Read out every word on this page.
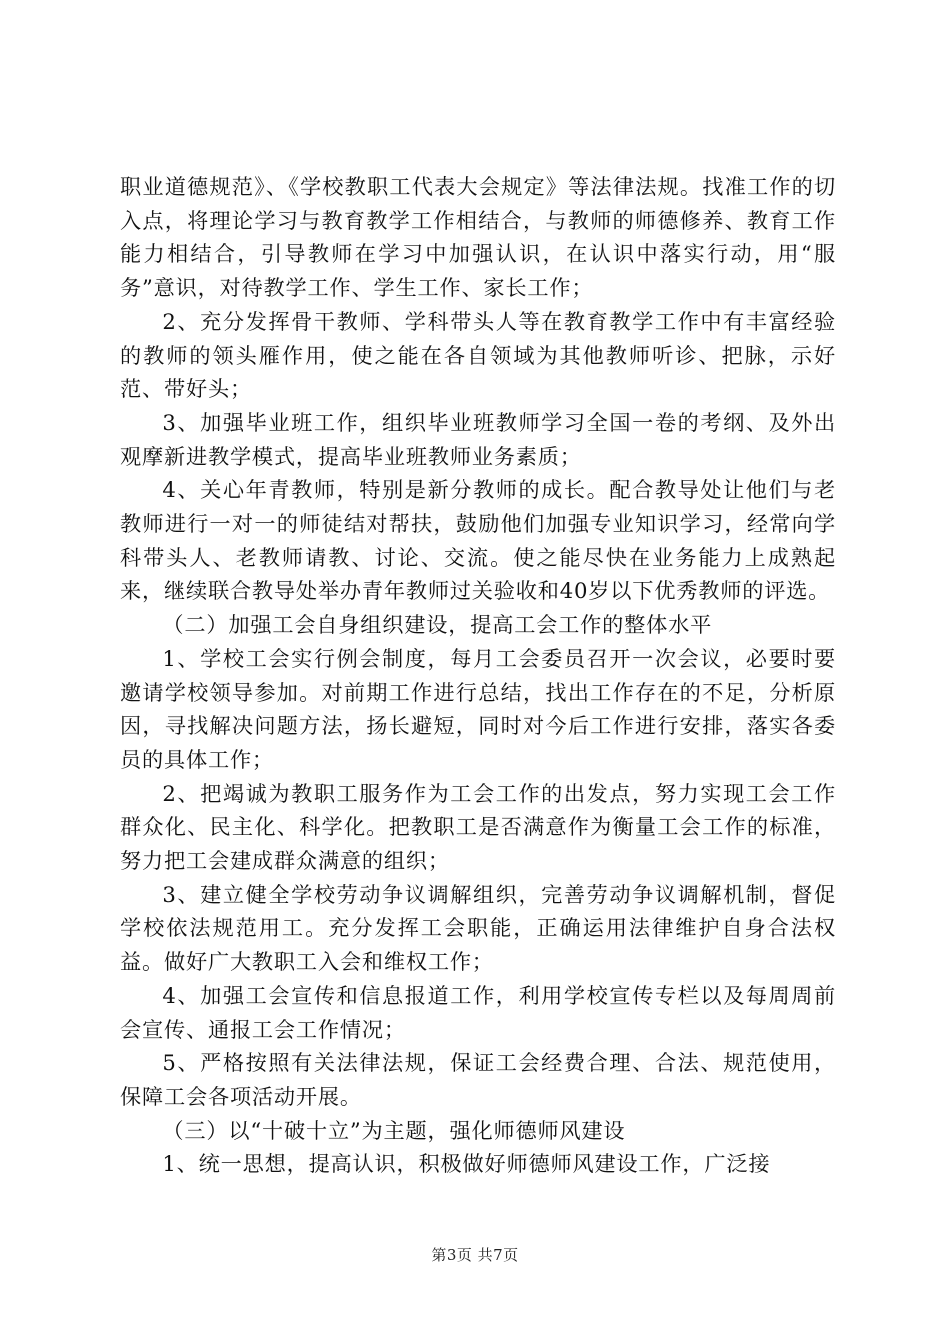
职业道德规范》、《学校教职工代表大会规定》等法律法规。找准工作的切入点，将理论学习与教育教学工作相结合，与教师的师德修养、教育工作能力相结合，引导教师在学习中加强认识，在认识中落实行动，用“服务”意识，对待教学工作、学生工作、家长工作；

2、充分发挥骨干教师、学科带头人等在教育教学工作中有丰富经验的教师的领头雁作用，使之能在各自领域为其他教师听诊、把脉，示好范、带好头；

3、加强毕业班工作，组织毕业班教师学习全国一卷的考纲、及外出观摩新进教学模式，提高毕业班教师业务素质；

4、关心年青教师，特别是新分教师的成长。配合教导处让他们与老教师进行一对一的师徒结对帮扶，鼓励他们加强专业知识学习，经常向学科带头人、老教师请教、讨论、交流。使之能尽快在业务能力上成熟起来，继续联合教导处举办青年教师过关验收和40岁以下优秀教师的评选。

（二）加强工会自身组织建设，提高工会工作的整体水平

1、学校工会实行例会制度，每月工会委员召开一次会议，必要时要邀请学校领导参加。对前期工作进行总结，找出工作存在的不足，分析原因，寻找解决问题方法，扬长避短，同时对今后工作进行安排，落实各委员的具体工作；

2、把竭诚为教职工服务作为工会工作的出发点，努力实现工会工作群众化、民主化、科学化。把教职工是否满意作为衡量工会工作的标准，努力把工会建成群众满意的组织；

3、建立健全学校劳动争议调解组织，完善劳动争议调解机制，督促学校依法规范用工。充分发挥工会职能，正确运用法律维护自身合法权益。做好广大教职工入会和维权工作；

4、加强工会宣传和信息报道工作，利用学校宣传专栏以及每周周前会宣传、通报工会工作情况；

5、严格按照有关法律法规，保证工会经费合理、合法、规范使用，保障工会各项活动开展。

（三）以“十破十立”为主题，强化师德师风建设

1、统一思想，提高认识，积极做好师德师风建设工作，广泛接

第3页 共7页
